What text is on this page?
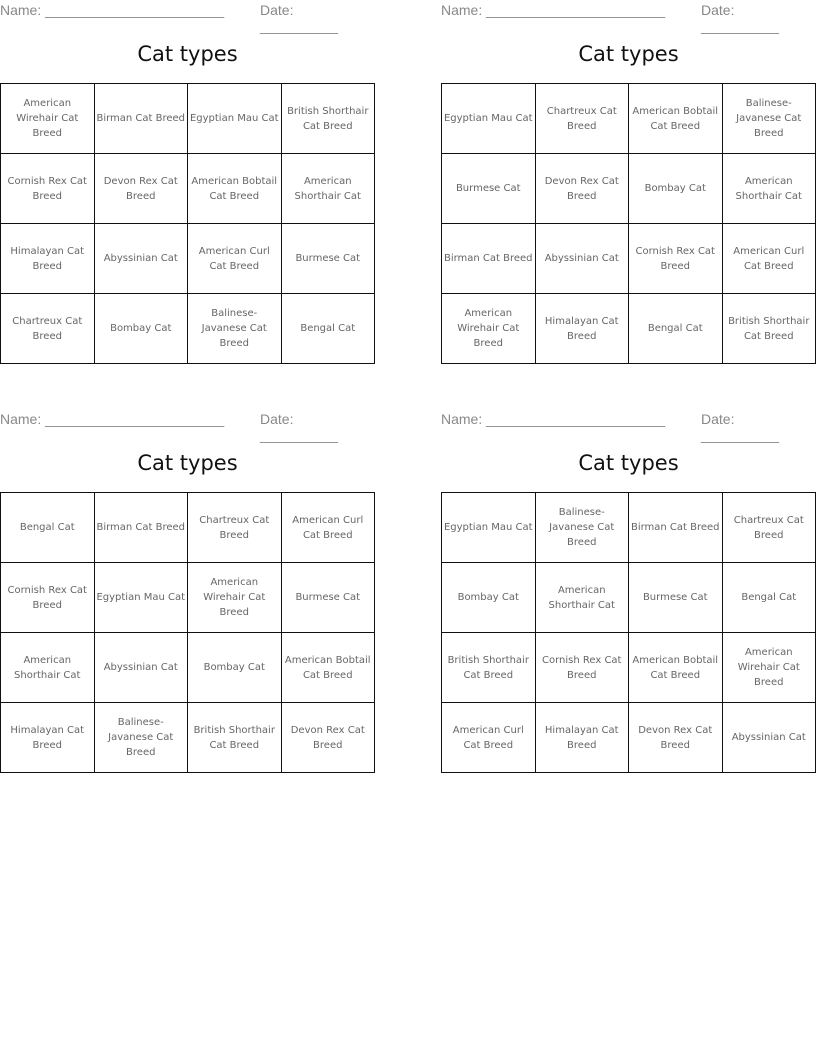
Name: _______________________	Date: __________
Cat types
American Wirehair Cat Breed	Birman Cat Breed	Egyptian Mau Cat	British Shorthair Cat Breed
Cornish Rex Cat Breed	Devon Rex Cat Breed	American Bobtail Cat Breed	American Shorthair Cat
Himalayan Cat Breed	Abyssinian Cat	American Curl Cat Breed	Burmese Cat
Chartreux Cat Breed	Bombay Cat	Balinese-Javanese Cat Breed	Bengal Cat
Name: _______________________	Date: __________
Cat types
Egyptian Mau Cat	Chartreux Cat Breed	American Bobtail Cat Breed	Balinese-Javanese Cat Breed
Burmese Cat	Devon Rex Cat Breed	Bombay Cat	American Shorthair Cat
Birman Cat Breed	Abyssinian Cat	Cornish Rex Cat Breed	American Curl Cat Breed
American Wirehair Cat Breed	Himalayan Cat Breed	Bengal Cat	British Shorthair Cat Breed
Name: _______________________	Date: __________
Cat types
Bengal Cat	Birman Cat Breed	Chartreux Cat Breed	American Curl Cat Breed
Cornish Rex Cat Breed	Egyptian Mau Cat	American Wirehair Cat Breed	Burmese Cat
American Shorthair Cat	Abyssinian Cat	Bombay Cat	American Bobtail Cat Breed
Himalayan Cat Breed	Balinese-Javanese Cat Breed	British Shorthair Cat Breed	Devon Rex Cat Breed
Name: _______________________	Date: __________
Cat types
Egyptian Mau Cat	Balinese-Javanese Cat Breed	Birman Cat Breed	Chartreux Cat Breed
Bombay Cat	American Shorthair Cat	Burmese Cat	Bengal Cat
British Shorthair Cat Breed	Cornish Rex Cat Breed	American Bobtail Cat Breed	American Wirehair Cat Breed
American Curl Cat Breed	Himalayan Cat Breed	Devon Rex Cat Breed	Abyssinian Cat
